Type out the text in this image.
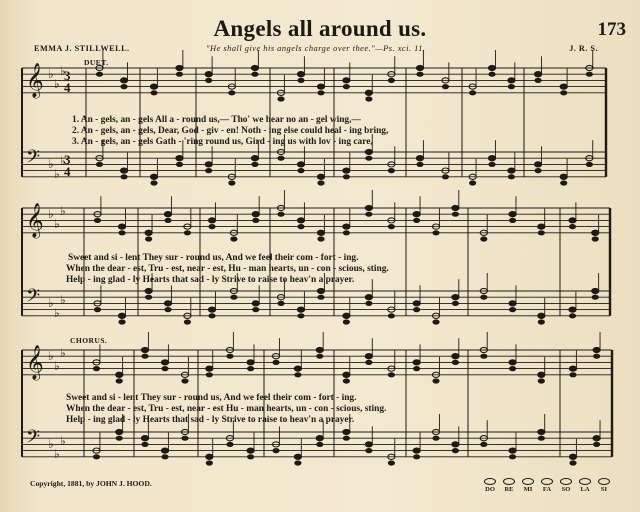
Angels all around us.	173
EMMA J. STILLWELL.	"He shall give his angels charge over thee."—Ps. xci. 11.	J. R. S.
DUET.
CHORUS.
𝄞 ♭
♭
♭
𝄢 ♭
♭
♭
3
3
4
4
𝄞 ♭
♭
♭
𝄢 ♭
♭
♭
𝄞 ♭
♭
♭
𝄢 ♭
♭
♭
1. An - gels, an - gels All a - round us,— Tho' we hear no an - gel wing,—
2. An - gels, an - gels, Dear, God - giv - en! Noth - ing else could heal - ing bring,
3. An - gels, an - gels Gath - 'ring round us, Gird - ing us with lov - ing care,
Sweet and si - lent They sur - round us, And we feel their com - fort - ing.
When the dear - est, Tru - est, near - est, Hu - man hearts, un - con - scious, sting.
Help - ing glad - ly Hearts that sad - ly Strive to raise to heav'n a prayer.
Sweet and si - lent They sur - round us, And we feel their com - fort - ing.
When the dear - est, Tru - est, near - est Hu - man hearts, un - con - scious, sting.
Help - ing glad - ly Hearts that sad - ly Strive to raise to heav'n a prayer.
Copyright, 1881, by JOHN J. HOOD.
DO RE MI FA SO LA	SI
